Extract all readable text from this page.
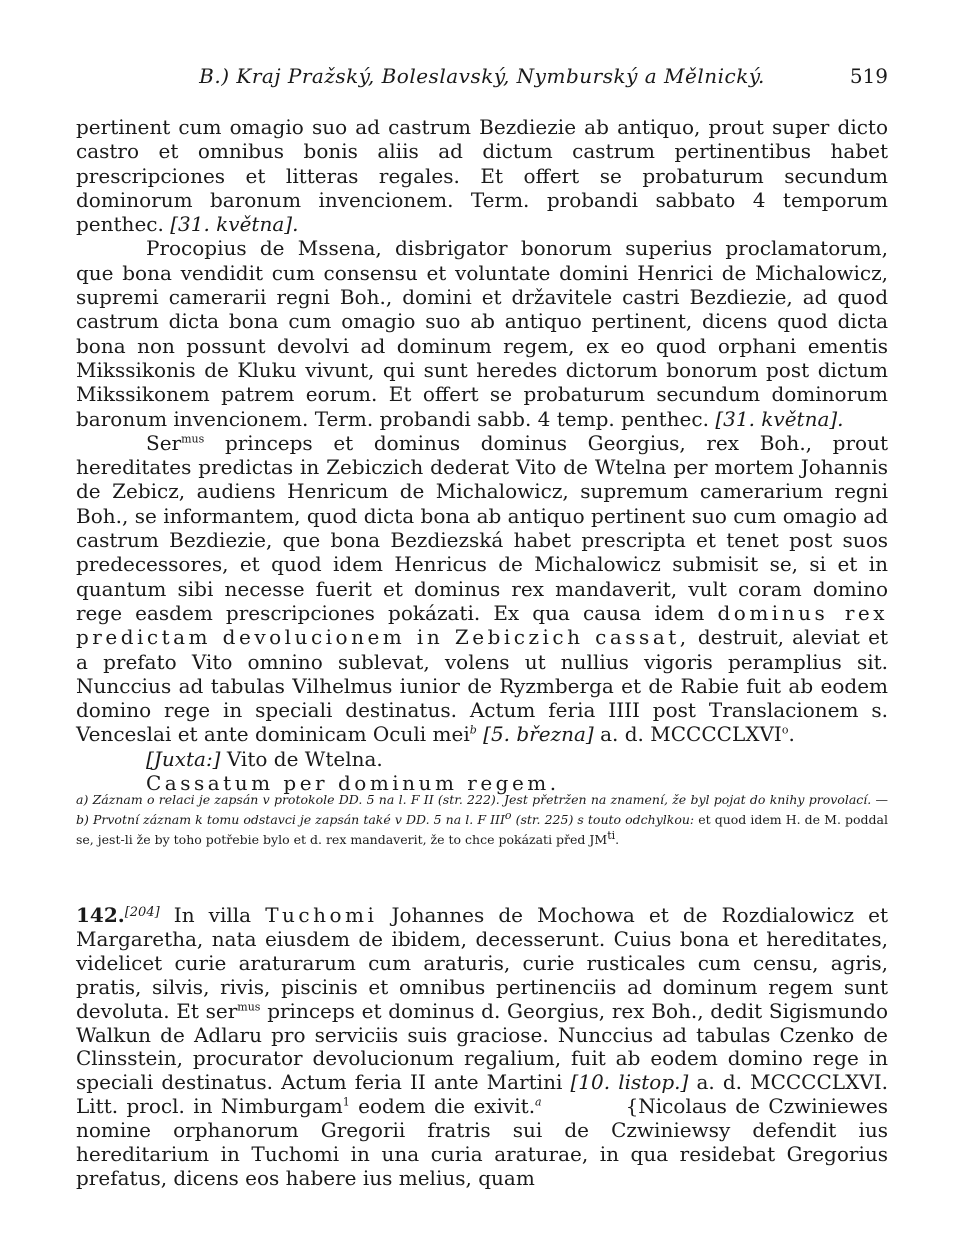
B.) Kraj Pražský, Boleslavský, Nymburský a Mělnický.	519

pertinent cum omagio suo ad castrum Bezdiezie ab antiquo, prout super dicto castro et omnibus bonis aliis ad dictum castrum pertinentibus habet prescripciones et litteras regales. Et offert se probaturum secundum dominorum baronum invencionem. Term. probandi sabbato 4 temporum penthec. [31. května].

Procopius de Mssena, disbrigator bonorum superius proclamatorum, que bona vendidit cum consensu et voluntate domini Henrici de Michalowicz, supremi camerarii regni Boh., domini et državitele castri Bezdiezie, ad quod castrum dicta bona cum omagio suo ab antiquo pertinent, dicens quod dicta bona non possunt devolvi ad dominum regem, ex eo quod orphani ementis Mikssikonis de Kluku vivunt, qui sunt heredes dictorum bonorum post dictum Mikssikonem patrem eorum. Et offert se probaturum secundum dominorum baronum invencionem. Term. probandi sabb. 4 temp. penthec. [31. května].

Ser$^{mus}$ princeps et dominus dominus Georgius, rex Boh., prout hereditates predictas in Zebiczich dederat Vito de Wtelna per mortem Johannis de Zebicz, audiens Henricum de Michalowicz, supremum camerarium regni Boh., se informantem, quod dicta bona ab antiquo pertinent suo cum omagio ad castrum Bezdiezie, que bona Bezdiezská habet prescripta et tenet post suos predecessores, et quod idem Henricus de Michalowicz submisit se, si et in quantum sibi necesse fuerit et dominus rex mandaverit, vult coram domino rege easdem prescripciones pokázati. Ex qua causa idem dominus rex predictam devolucionem in Zebiczich cassat, destruit, aleviat et a prefato Vito omnino sublevat, volens ut nullius vigoris peramplius sit. Nunccius ad tabulas Vilhelmus iunior de Ryzmberga et de Rabie fuit ab eodem domino rege in speciali destinatus. Actum feria IIII post Translacionem s. Venceslai et ante dominicam Oculi mei$^b$ [5. března] a. d. MCCCCLXVI$^o$.

[Juxta:] Vito de Wtelna.

Cassatum per dominum regem.

a) Záznam o relaci je zapsán v protokole DD. 5 na l. F II (str. 222). Jest přetržen na znamení, že byl pojat do knihy provolací. — b) Prvotní záznam k tomu odstavci je zapsán také v DD. 5 na l. F III$^o$ (str. 225) s touto odchylkou: et quod idem H. de M. poddal se, jest-li že by toho potřebie bylo et d. rex mandaverit, že to chce pokázati před $JM^{ti}$.
142.[204] In villa Tuchomi Johannes de Mochowa et de Rozdialowicz et Margaretha, nata eiusdem de ibidem, decesserunt. Cuius bona et hereditates, videlicet curie araturarum cum araturis, curie rusticales cum censu, agris, pratis, silvis, rivis, piscinis et omnibus pertinenciis ad dominum regem sunt devoluta. Et ser$^{mus}$ princeps et dominus d. Georgius, rex Boh., dedit Sigismundo Walkun de Adlaru pro serviciis suis graciose. Nunccius ad tabulas Czenko de Clinsstein, procurator devolucionum regalium, fuit ab eodem domino rege in speciali destinatus. Actum feria II ante Martini [10. listop.] a. d. MCCCCLXVI. Litt. procl. in Nimburgam$^1$ eodem die exivit.$^a$	{Nicolaus de Czwiniewes nomine orphanorum Gregorii fratris sui de Czwiniewsy defendit ius hereditarium in Tuchomi in una curia araturae, in qua residebat Gregorius prefatus, dicens eos habere ius melius, quam
